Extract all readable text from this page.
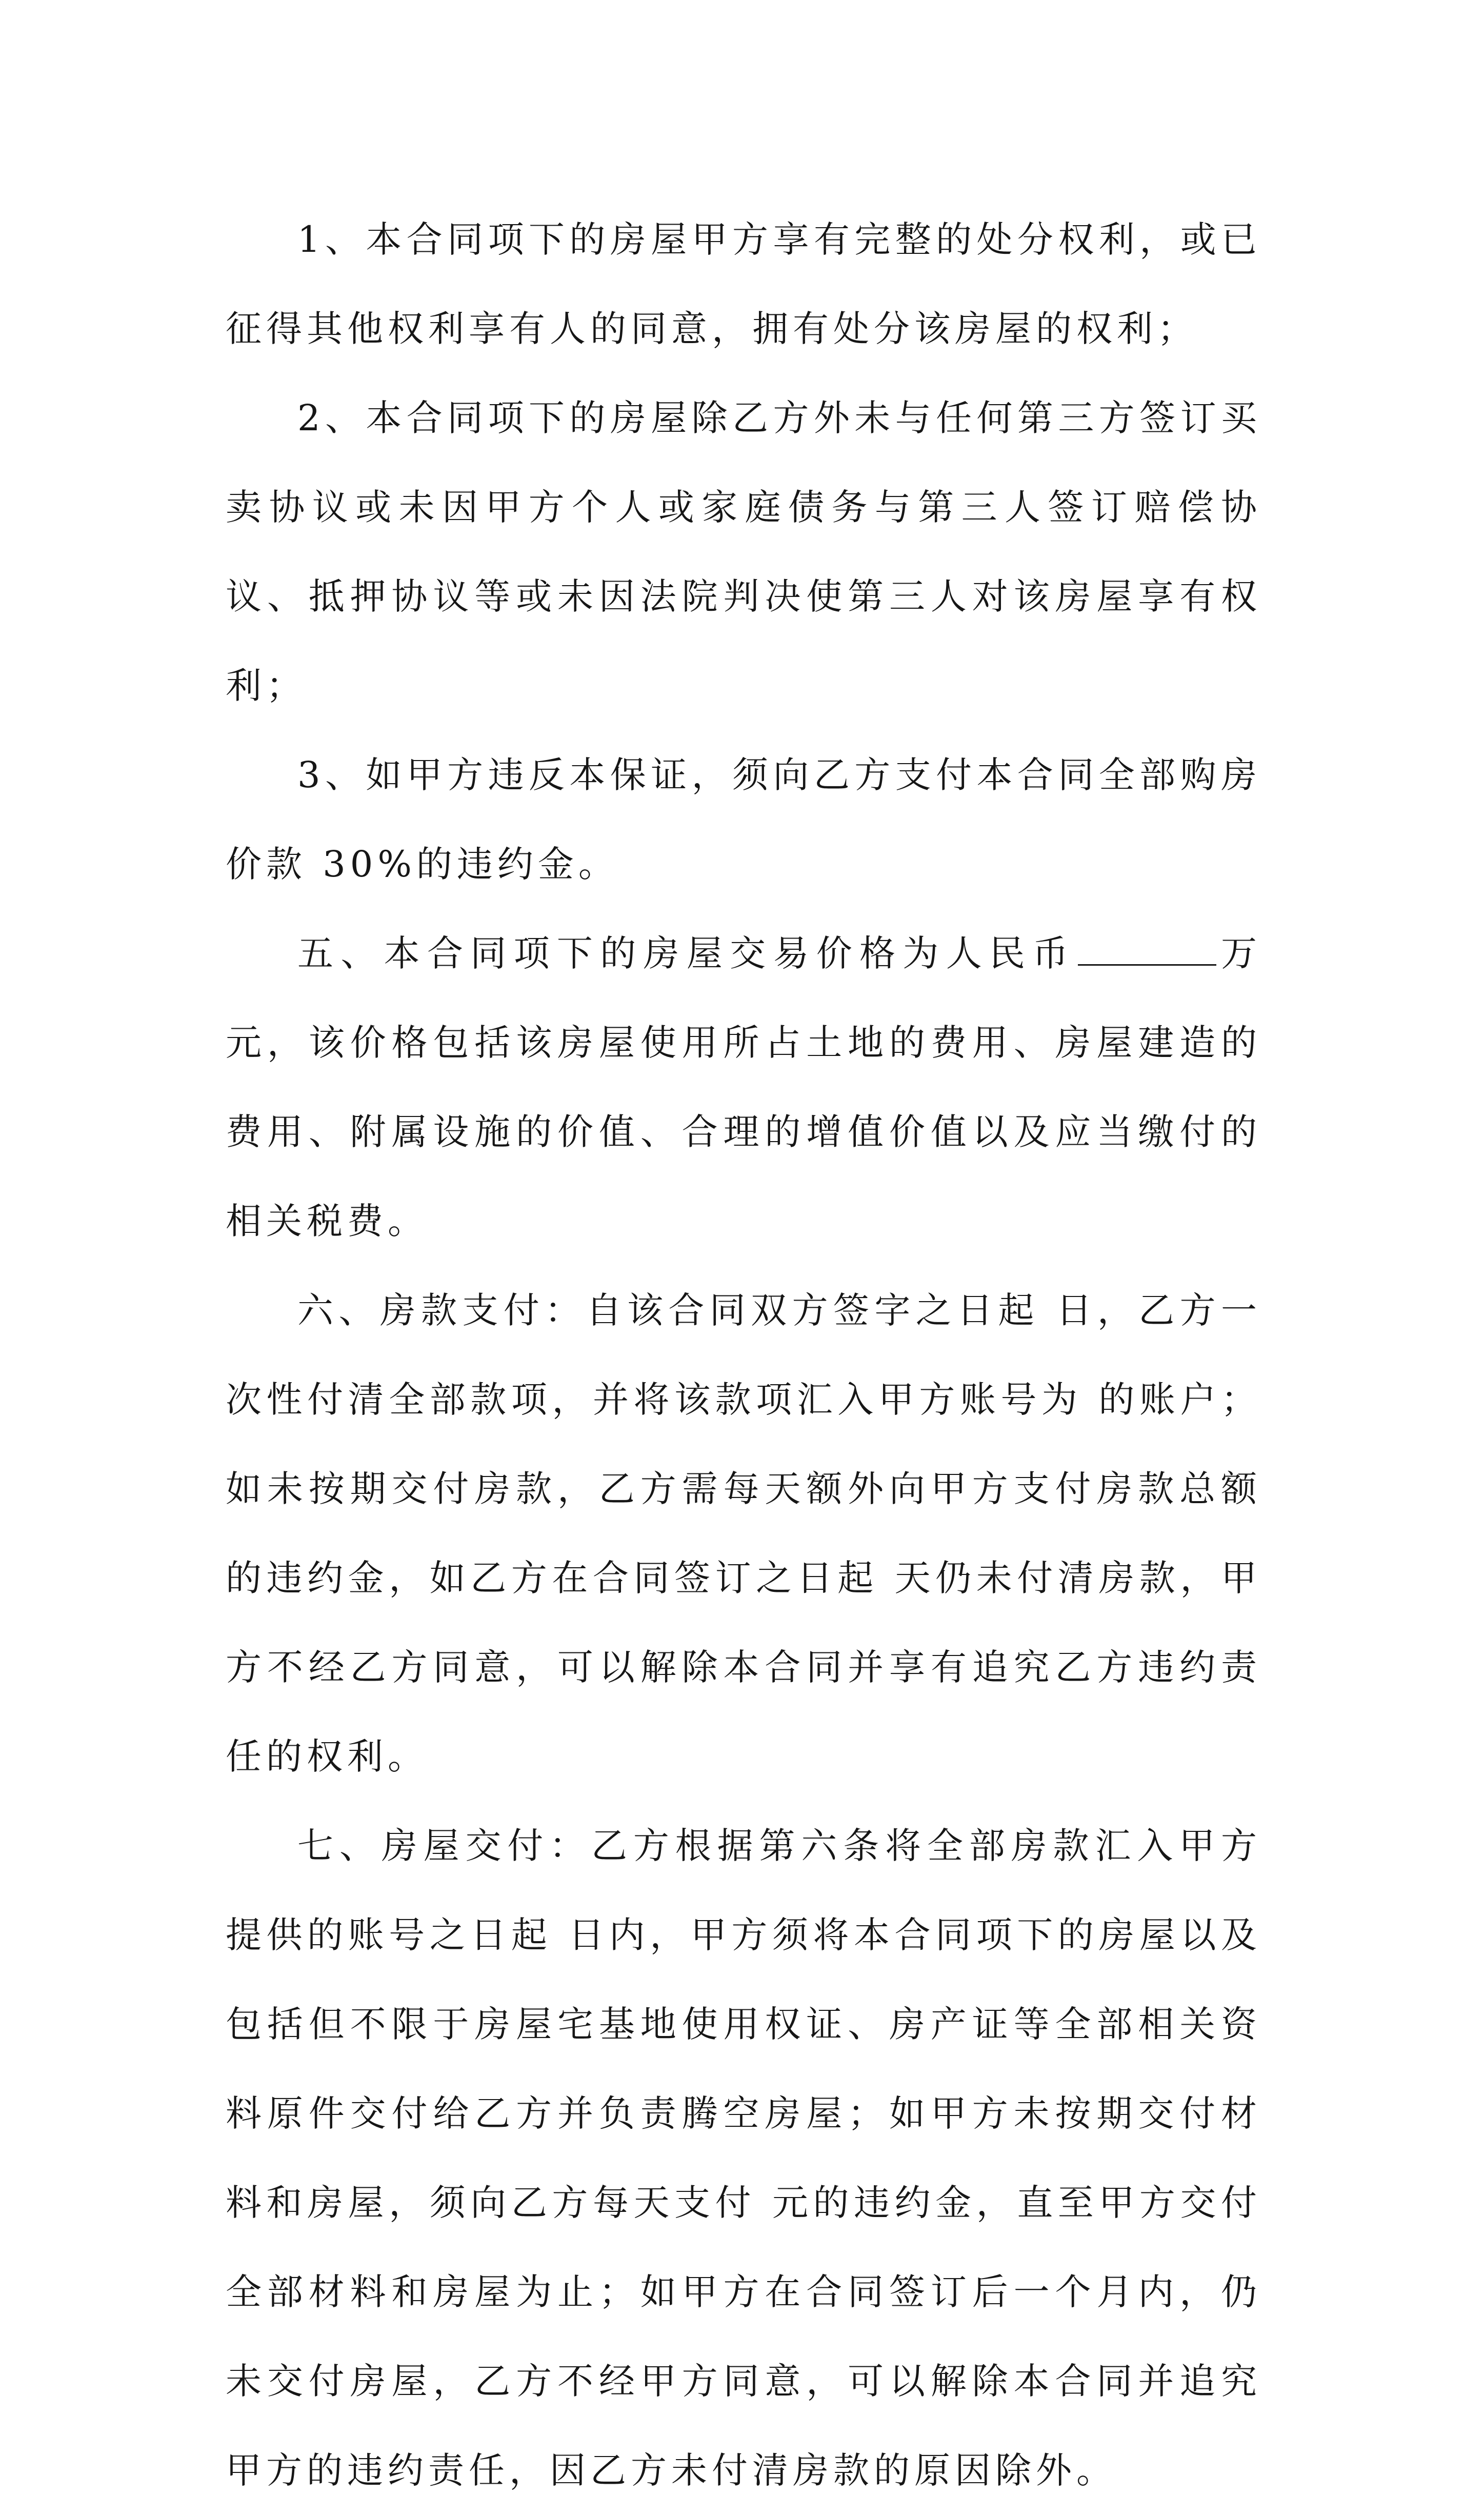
1、本合同项下的房屋甲方享有完整的处分权利，或已征得其他权利享有人的同意，拥有处分该房屋的权利；

2、本合同项下的房屋除乙方外未与任何第三方签订买卖协议或未因甲方个人或家庭债务与第三人签订赔偿协议、抵押协议等或未因法院判决使第三人对该房屋享有权利；

3、如甲方违反本保证，须向乙方支付本合同全部购房价款 30%的违约金。

五、本合同项下的房屋交易价格为人民币	万元，该价格包括该房屋使用所占土地的费用、房屋建造的费用、附属设施的价值、合理的增值价值以及应当缴付的相关税费。

六、房款支付：自该合同双方签字之日起 日，乙方一次性付清全部款项，并将该款项汇入甲方账号为 的账户；如未按期交付房款，乙方需每天额外向甲方支付房款总额 的违约金，如乙方在合同签订之日起 天仍未付清房款，甲方不经乙方同意，可以解除本合同并享有追究乙方违约责任的权利。

七、房屋交付：乙方根据第六条将全部房款汇入甲方提供的账号之日起 日内，甲方须将本合同项下的房屋以及包括但不限于房屋宅基地使用权证、房产证等全部相关资料原件交付给乙方并负责腾空房屋；如甲方未按期交付材料和房屋，须向乙方每天支付 元的违约金，直至甲方交付全部材料和房屋为止；如甲方在合同签订后一个月内，仍未交付房屋，乙方不经甲方同意，可以解除本合同并追究甲方的违约责任，因乙方未付清房款的原因除外。
